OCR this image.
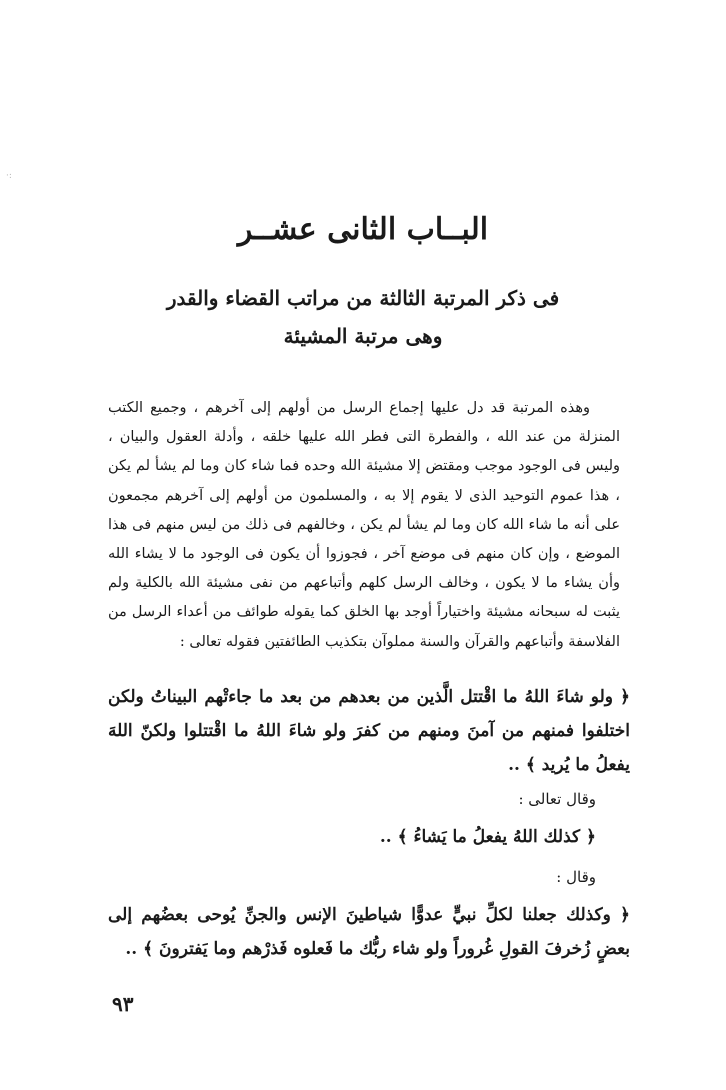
·:
البــاب الثانى عشــر
فى ذكر المرتبة الثالثة من مراتب القضاء والقدر
وهى مرتبة المشيئة

وهذه المرتبة قد دل عليها إجماع الرسل من أولهم إلى آخرهم ، وجميع الكتب المنزلة من عند الله ، والفطرة التى فطر الله عليها خلقه ، وأدلة العقول والبيان ، وليس فى الوجود موجب ومقتض إلا مشيئة الله وحده فما شاء كان وما لم يشأ لم يكن ، هذا عموم التوحيد الذى لا يقوم إلا به ، والمسلمون من أولهم إلى آخرهم مجمعون على أنه ما شاء الله كان وما لم يشأ لم يكن ، وخالفهم فى ذلك من ليس منهم فى هذا الموضع ، وإن كان منهم فى موضع آخر ، فجوزوا أن يكون فى الوجود ما لا يشاء الله وأن يشاء ما لا يكون ، وخالف الرسل كلهم وأتباعهم من نفى مشيئة الله بالكلية ولم يثبت له سبحانه مشيئة واختياراً أوجد بها الخلق كما يقوله طوائف من أعداء الرسل من الفلاسفة وأتباعهم والقرآن والسنة مملوآن بتكذيب الطائفتين فقوله تعالى :

﴿ ولو شاءَ اللهُ ما اقْتتل الَّذين من بعدهم من بعد ما جاءتْهم البيناتُ ولكن اختلفوا فمنهم من آمنَ ومنهم من كفرَ ولو شاءَ اللهُ ما اقْتتلوا ولكنّ اللهَ يفعلُ ما يُريد ﴾ ..

وقال تعالى :

﴿ كذلك اللهُ يفعلُ ما يَشاءُ ﴾ ..

وقال :

﴿ وكذلك جعلنا لكلِّ نبيٍّ عدوًّا شياطينَ الإنس والجنِّ يُوحى بعضُهم إلى بعضٍ زُخرفَ القولِ غُروراً ولو شاء ربُّك ما فَعلوه فَذرْهم وما يَفترونَ ﴾ ..

٩٣
